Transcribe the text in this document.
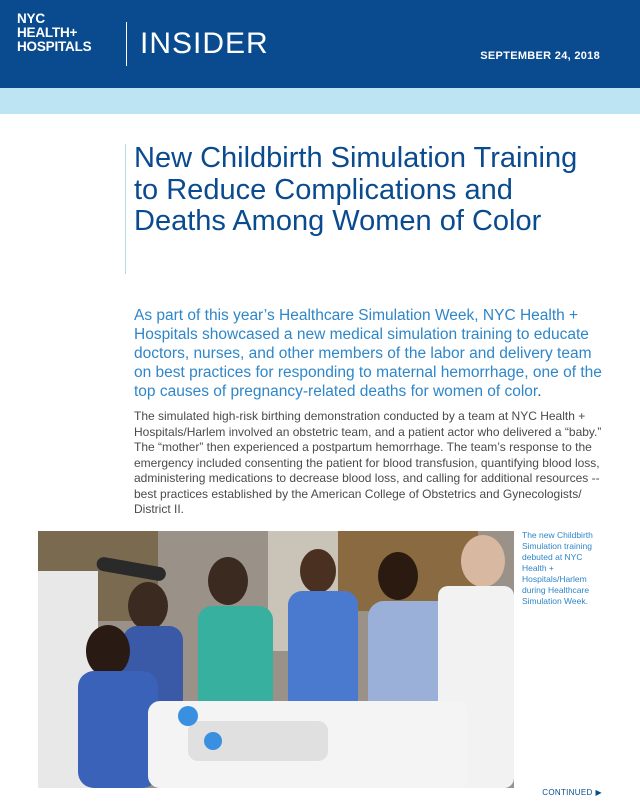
NYC
HEALTH+
HOSPITALS	INSIDER	SEPTEMBER 24, 2018
New Childbirth Simulation Training to Reduce Complications and Deaths Among Women of Color

As part of this year’s Healthcare Simulation Week, NYC Health + Hospitals showcased a new medical simulation training to educate doctors, nurses, and other members of the labor and delivery team on best practices for responding to maternal hemorrhage, one of the top causes of pregnancy-related deaths for women of color.

The simulated high-risk birthing demonstration conducted by a team at NYC Health + Hospitals/Harlem involved an obstetric team, and a patient actor who delivered a “baby.” The “mother” then experienced a postpartum hemorrhage. The team’s response to the emergency included consenting the patient for blood transfusion, quantifying blood loss, administering medications to decrease blood loss, and calling for additional resources -- best practices established by the American College of Obstetrics and Gynecologists/ District II.

The new Childbirth Simulation training debuted at NYC Health + Hospitals/Harlem during Healthcare Simulation Week.

CONTINUED ▶
